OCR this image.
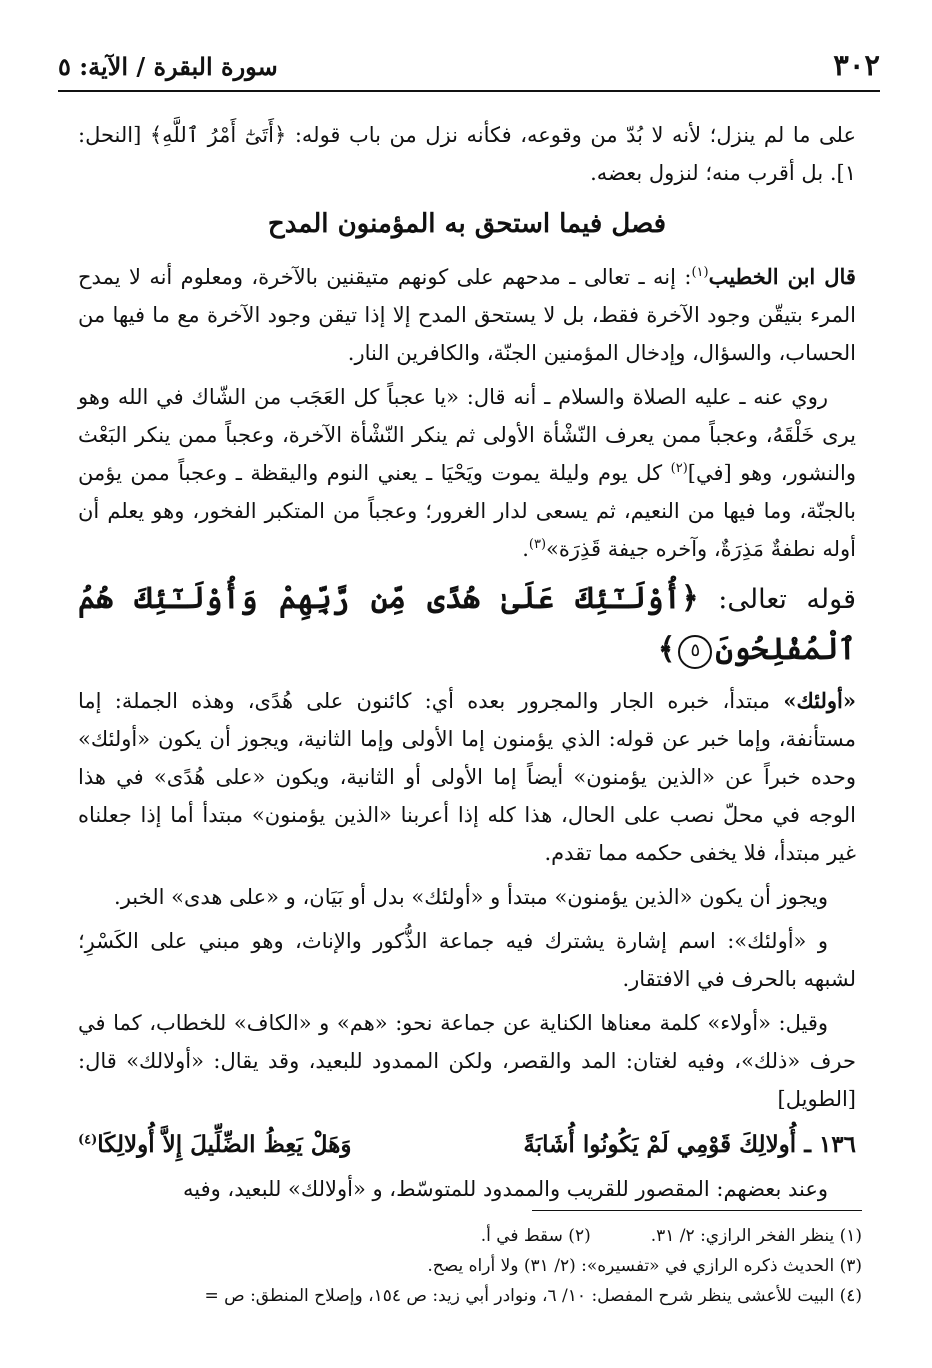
٣٠٢
سورة البقرة / الآية: ٥

على ما لم ينزل؛ لأنه لا بُدّ من وقوعه، فكأنه نزل من باب قوله: ﴿أَتَىٰٓ أَمْرُ ٱللَّهِ﴾ [النحل: ١]. بل أقرب منه؛ لنزول بعضه.

فصل فيما استحق به المؤمنون المدح

قال ابن الخطيب$^{(١)}$: إنه ـ تعالى ـ مدحهم على كونهم متيقنين بالآخرة، ومعلوم أنه لا يمدح المرء بتيقّن وجود الآخرة فقط، بل لا يستحق المدح إلا إذا تيقن وجود الآخرة مع ما فيها من الحساب، والسؤال، وإدخال المؤمنين الجنّة، والكافرين النار.

روي عنه ـ عليه الصلاة والسلام ـ أنه قال: «يا عجباً كل العَجَب من الشّاك في الله وهو يرى خَلْقَهُ، وعجباً ممن يعرف النّشْأة الأولى ثم ينكر النّشْأة الآخرة، وعجباً ممن ينكر البَعْث والنشور، وهو [في]$^{(٢)}$ كل يوم وليلة يموت ويَحْيَا ـ يعني النوم واليقظة ـ وعجباً ممن يؤمن بالجنّة، وما فيها من النعيم، ثم يسعى لدار الغرور؛ وعجباً من المتكبر الفخور، وهو يعلم أن أوله نطفةٌ مَذِرَةٌ، وآخره جيفة قَذِرَة»$^{(٣)}$.

قوله تعالى: ﴿أُوْلَـٰٓئِكَ عَلَىٰ هُدًى مِّن رَّبِّهِمْ وَأُوْلَـٰٓئِكَ هُمُ ٱلْمُفْلِحُونَ٥﴾

«أولئك» مبتدأ، خبره الجار والمجرور بعده أي: كائنون على هُدًى، وهذه الجملة: إما مستأنفة، وإما خبر عن قوله: الذي يؤمنون إما الأولى وإما الثانية، ويجوز أن يكون «أولئك» وحده خبراً عن «الذين يؤمنون» أيضاً إما الأولى أو الثانية، ويكون «على هُدًى» في هذا الوجه في محلّ نصب على الحال، هذا كله إذا أعربنا «الذين يؤمنون» مبتدأ أما إذا جعلناه غير مبتدأ، فلا يخفى حكمه مما تقدم.

ويجوز أن يكون «الذين يؤمنون» مبتدأ و «أولئك» بدل أو بَيَان، و «على هدى» الخبر.

و «أولئك»: اسم إشارة يشترك فيه جماعة الذُّكور والإناث، وهو مبني على الكَسْرِ؛ لشبهه بالحرف في الافتقار.

وقيل: «أولاء» كلمة معناها الكناية عن جماعة نحو: «هم» و «الكاف» للخطاب، كما في حرف «ذلك»، وفيه لغتان: المد والقصر، ولكن الممدود للبعيد، وقد يقال: «أولالك» قال: [الطويل]

١٣٦ ـ أُولالِكَ قَوْمِي لَمْ يَكُونُوا أُشَابَةً
وَهَلْ يَعِظُ الضِّلِّيلَ إِلاَّ أُولالِكَا$^{(٤)}$

وعند بعضهم: المقصور للقريب والممدود للمتوسّط، و «أولالك» للبعيد، وفيه

(١) ينظر الفخر الرازي: ٢/ ٣١.
(٢) سقط في أ.
(٣) الحديث ذكره الرازي في «تفسيره»: (٢/ ٣١) ولا أراه يصح.
(٤) البيت للأعشى ينظر شرح المفصل: ١٠/ ٦، ونوادر أبي زيد: ص ١٥٤، وإصلاح المنطق: ص =
